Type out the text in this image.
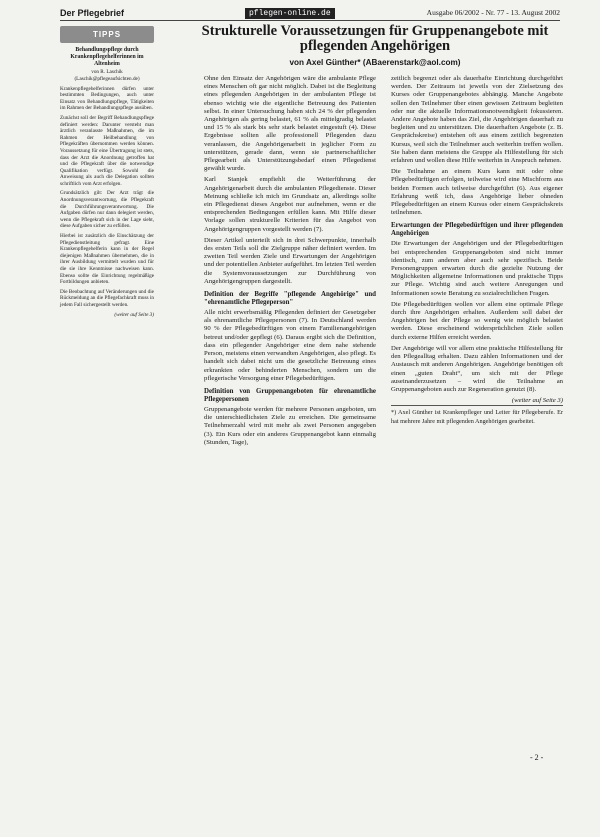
Der Pflegebrief	pflegen-online.de	Ausgabe 06/2002 - Nr. 77 - 13. August 2002
TIPPS
Behandlungspflege durch Krankenpflegehelferinnen im Altenheim
von R. Laschik (Laschik@pflegeaufsichten.de)

Krankenpflegehelferinnen dürfen unter bestimmten Bedingungen, auch unter Einsatz von Behandlungspflege, Tätigkeiten im Rahmen der Behandlungspflege ausüben.

Zunächst soll der Begriff Behandlungspflege definiert werden: Darunter versteht man ärztlich veranlasste Maßnahmen, die im Rahmen der Heilbehandlung von Pflegekräften übernommen werden können. Voraussetzung für eine Übertragung ist stets, dass der Arzt die Anordnung getroffen hat und die Pflegekraft über die notwendige Qualifikation verfügt. Sowohl die Anweisung als auch die Delegation sollten schriftlich vom Arzt erfolgen.

Grundsätzlich gilt: Der Arzt trägt die Anordnungsverantwortung, die Pflegekraft die Durchführungsverantwortung. Die Aufgaben dürfen nur dann delegiert werden, wenn die Pflegekraft sich in der Lage sieht, diese Aufgaben sicher zu erfüllen.

Hierbei ist zusätzlich die Einschätzung der Pflegedienstleitung gefragt. Eine Krankenpflegehelferin kann in der Regel diejenigen Maßnahmen übernehmen, die in ihrer Ausbildung vermittelt wurden und für die sie ihre Kenntnisse nachweisen kann. Ebenso sollte die Einrichtung regelmäßige Fortbildungen anbieten.

Die Beobachtung auf Veränderungen und die Rückmeldung an die Pflegefachkraft muss in jedem Fall sichergestellt werden.

(weiter auf Seite 3)
Strukturelle Voraussetzungen für Gruppenangebote mit pflegenden Angehörigen
von Axel Günther* (ABaerenstark@aol.com)

Ohne den Einsatz der Angehörigen wäre die ambulante Pflege eines Menschen oft gar nicht möglich. Dabei ist die Begleitung eines pflegenden Angehörigen in der ambulanten Pflege ist ebenso wichtig wie die eigentliche Betreuung des Patienten selbst. In einer Untersuchung haben sich 24 % der pflegenden Angehörigen als gering belastet, 61 % als mittelgradig belastet und 15 % als stark bis sehr stark belastet eingestuft (4). Diese Ergebnisse sollten alle professionell Pflegenden dazu veranlassen, die Angehörigenarbeit in jeglicher Form zu unterstützen, gerade dann, wenn sie partnerschaftlicher Pflegearbeit als Unterstützungsbedarf einen Pflegedienst gewählt wurde.

Karl Stanjek empfiehlt die Weiterführung der Angehörigenarbeit durch die ambulanten Pflegedienste. Dieser Meinung schließe ich mich im Grundsatz an, allerdings sollte ein Pflegedienst dieses Angebot nur aufnehmen, wenn er die entsprechenden Bedingungen erfüllen kann. Mit Hilfe dieser Vorlage sollen strukturelle Kriterien für das Angebot von Angehörigengruppen vorgestellt werden (7).

Dieser Artikel unterteilt sich in drei Schwerpunkte, innerhalb des ersten Teils soll die Zielgruppe näher definiert werden. Im zweiten Teil werden Ziele und Erwartungen der Angehörigen und der potentiellen Anbieter aufgeführt. Im letzten Teil werden die Systemvoraussetzungen zur Durchführung von Angehörigengruppen dargestellt.

Definition der Begriffe "pflegende Angehörige" und "ehrenamtliche Pflegeperson"

Alle nicht erwerbsmäßig Pflegenden definiert der Gesetzgeber als ehrenamtliche Pflegepersonen (7). In Deutschland werden 90 % der Pflegebedürftigen von einem Familienangehörigen betreut und/oder gepflegt (6). Daraus ergibt sich die Definition, dass ein pflegender Angehöriger eine dem nahe stehende Person, meistens einen verwandten Angehörigen, also pflegt. Es handelt sich dabei nicht um die gesetzliche Betreuung eines erkrankten oder behinderten Menschen, sondern um die pflegerische Versorgung einer Pflegebedürftigen.

Definition von Gruppenangeboten für ehrenamtliche Pflegepersonen

Gruppenangebote werden für mehrere Personen angeboten, um die unterschiedlichsten Ziele zu erreichen. Die gemeinsame Teilnehmerzahl wird mit mehr als zwei Personen angegeben (3). Ein Kurs oder ein anderes Gruppenangebot kann einmalig (Stunden, Tage),

zeitlich begrenzt oder als dauerhafte Einrichtung durchgeführt werden. Der Zeitraum ist jeweils von der Zielsetzung des Kurses oder Gruppenangebotes abhängig. Manche Angebote sollen den Teilnehmer über einen gewissen Zeitraum begleiten oder nur die aktuelle Informationsnotwendigkeit fokussieren. Andere Angebote haben das Ziel, die Angehörigen dauerhaft zu begleiten und zu unterstützen. Die dauerhaften Angebote (z. B. Gesprächskreise) entstehen oft aus einem zeitlich begrenzten Kursus, weil sich die Teilnehmer auch weiterhin treffen wollen. Sie haben dann meistens die Gruppe als Hilfestellung für sich erfahren und wollen diese Hilfe weiterhin in Anspruch nehmen.

Die Teilnahme an einem Kurs kann mit oder ohne Pflegebedürftigen erfolgen, teilweise wird eine Mischform aus beiden Formen auch teilweise durchgeführt (6). Aus eigener Erfahrung weiß ich, dass Angehörige lieber ohneden Pflegebedürftigen an einem Kursus oder einem Gesprächskreis teilnehmen.

Erwartungen der Pflegebedürftigen und ihrer pflegenden Angehörigen

Die Erwartungen der Angehörigen und der Pflegebedürftigen bei entsprechenden Gruppenangeboten sind nicht immer identisch, zum anderen aber auch sehr spezifisch. Beide Personengruppen erwarten durch die gezielte Nutzung der Möglichkeiten allgemeine Informationen und praktische Tipps zur Pflege. Wichtig sind auch weitere Anregungen und Informationen sowie Beratung zu sozialrechtlichen Fragen.

Die Pflegebedürftigen wollen vor allem eine optimale Pflege durch ihre Angehörigen erhalten. Außerdem soll dabei der Angehörigen bei der Pflege so wenig wie möglich belastet werden. Diese erscheinend widersprüchlichen Ziele sollen durch externe Hilfen erreicht werden.

Der Angehörige will vor allem eine praktische Hilfestellung für den Pflegealltag erhalten. Dazu zählen Informationen und der Austausch mit anderen Angehörigen. Angehörige benötigen oft einen „guten Draht“, um sich mit der Pflege auseinanderzusetzen – wird die Teilnahme an Gruppenangeboten auch zur Regeneration genutzt (8).

(weiter auf Seite 3)
*) Axel Günther ist Krankenpfleger und Leiter für Pflegeberufe. Er hat mehrere Jahre mit pflegenden Angehörigen gearbeitet.
- 2 -
